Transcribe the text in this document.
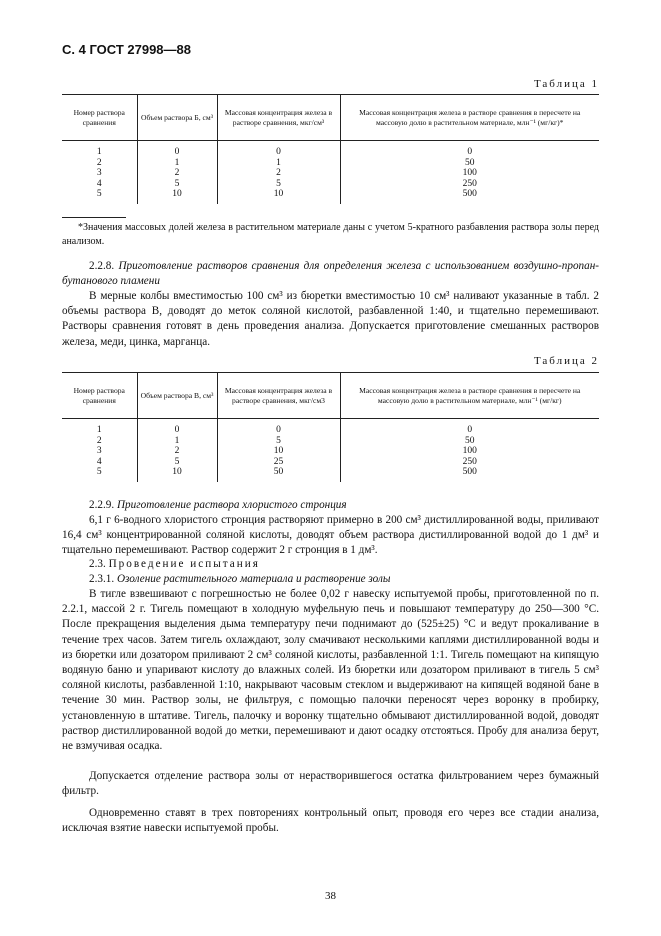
С. 4 ГОСТ 27998—88
Таблица 1
Номер раствора сравнения	Объем раствора Б, см³	Массовая концентрация железа в растворе сравнения, мкг/см³	Массовая концентрация железа в растворе сравнения в пересчете на массовую долю в растительном материале, млн⁻¹ (мг/кг)*

1	0	0	0
2	1	1	50
3	2	2	100
4	5	5	250
5	10	10	500

*Значения массовых долей железа в растительном материале даны с учетом 5-кратного разбавления раствора золы перед анализом.

2.2.8. Приготовление растворов сравнения для определения железа с использованием воздушно-пропан-бутанового пламени

В мерные колбы вместимостью 100 см³ из бюретки вместимостью 10 см³ наливают указанные в табл. 2 объемы раствора В, доводят до меток соляной кислотой, разбавленной 1:40, и тщательно перемешивают. Растворы сравнения готовят в день проведения анализа. Допускается приготовление смешанных растворов железа, меди, цинка, марганца.

Таблица 2
Номер раствора сравнения	Объем раствора В, см³	Массовая концентрация железа в растворе сравнения, мкг/см3	Массовая концентрация железа в растворе сравнения в пересчете на массовую долю в растительном материале, млн⁻¹ (мг/кг)

1	0	0	0
2	1	5	50
3	2	10	100
4	5	25	250
5	10	50	500

2.2.9. Приготовление раствора хлористого стронция

6,1 г 6-водного хлористого стронция растворяют примерно в 200 см³ дистиллированной воды, приливают 16,4 см³ концентрированной соляной кислоты, доводят объем раствора дистиллированной водой до 1 дм³ и тщательно перемешивают. Раствор содержит 2 г стронция в 1 дм³.

2.3. Проведение испытания

2.3.1. Озоление растительного материала и растворение золы

В тигле взвешивают с погрешностью не более 0,02 г навеску испытуемой пробы, приготовленной по п. 2.2.1, массой 2 г. Тигель помещают в холодную муфельную печь и повышают температуру до 250—300 °С. После прекращения выделения дыма температуру печи поднимают до (525±25) °С и ведут прокаливание в течение трех часов. Затем тигель охлаждают, золу смачивают несколькими каплями дистиллированной воды и из бюретки или дозатором приливают 2 см³ соляной кислоты, разбавленной 1:1. Тигель помещают на кипящую водяную баню и упаривают кислоту до влажных солей. Из бюретки или дозатором приливают в тигель 5 см³ соляной кислоты, разбавленной 1:10, накрывают часовым стеклом и выдерживают на кипящей водяной бане в течение 30 мин. Раствор золы, не фильтруя, с помощью палочки переносят через воронку в пробирку, установленную в штативе. Тигель, палочку и воронку тщательно обмывают дистиллированной водой, доводят раствор дистиллированной водой до метки, перемешивают и дают осадку отстояться. Пробу для анализа берут, не взмучивая осадка.

Допускается отделение раствора золы от нерастворившегося остатка фильтрованием через бумажный фильтр.

Одновременно ставят в трех повторениях контрольный опыт, проводя его через все стадии анализа, исключая взятие навески испытуемой пробы.

38
